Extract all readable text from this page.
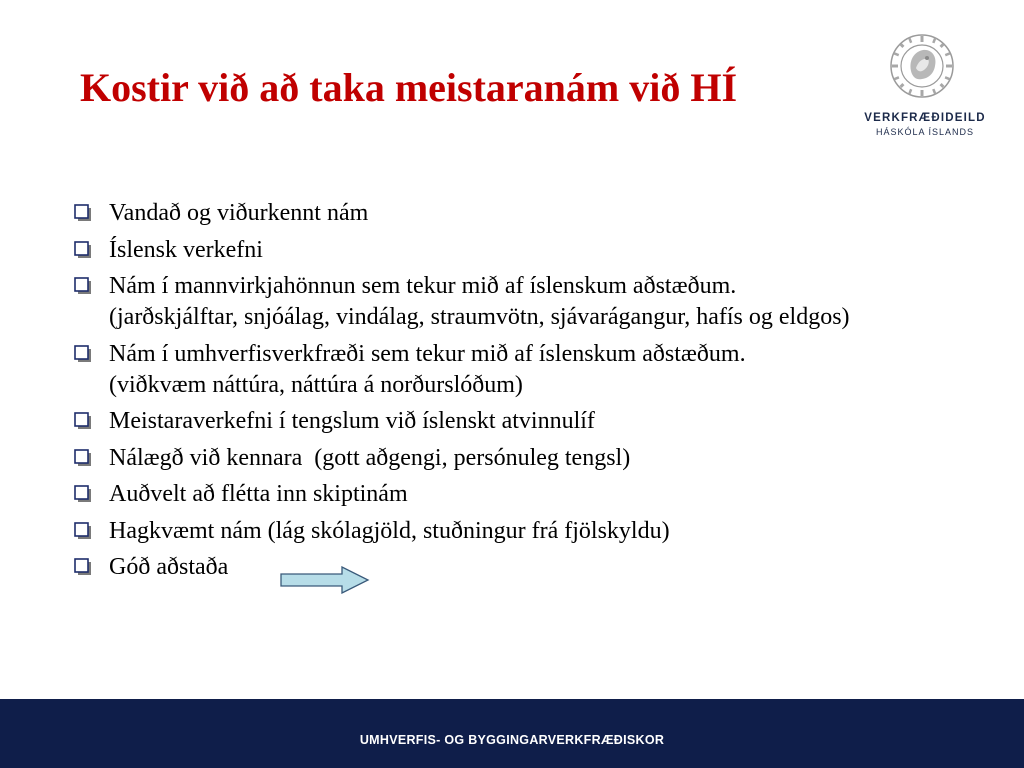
Kostir við að taka meistaranám við HÍ
VERKFRÆÐIDEILD
HÁSKÓLA ÍSLANDS
Vandað og viðurkennt nám
Íslensk verkefni
Nám í mannvirkjahönnun sem tekur mið af íslenskum aðstæðum.
(jarðskjálftar, snjóálag, vindálag, straumvötn, sjávarágangur, hafís og eldgos)
Nám í umhverfisverkfræði sem tekur mið af íslenskum aðstæðum.
(viðkvæm náttúra, náttúra á norðurslóðum)
Meistaraverkefni í tengslum við íslenskt atvinnulíf
Nálægð við kennara  (gott aðgengi, persónuleg tengsl)
Auðvelt að flétta inn skiptinám
Hagkvæmt nám (lág skólagjöld, stuðningur frá fjölskyldu)
Góð aðstaða
UMHVERFIS- OG BYGGINGARVERKFRÆÐISKOR
